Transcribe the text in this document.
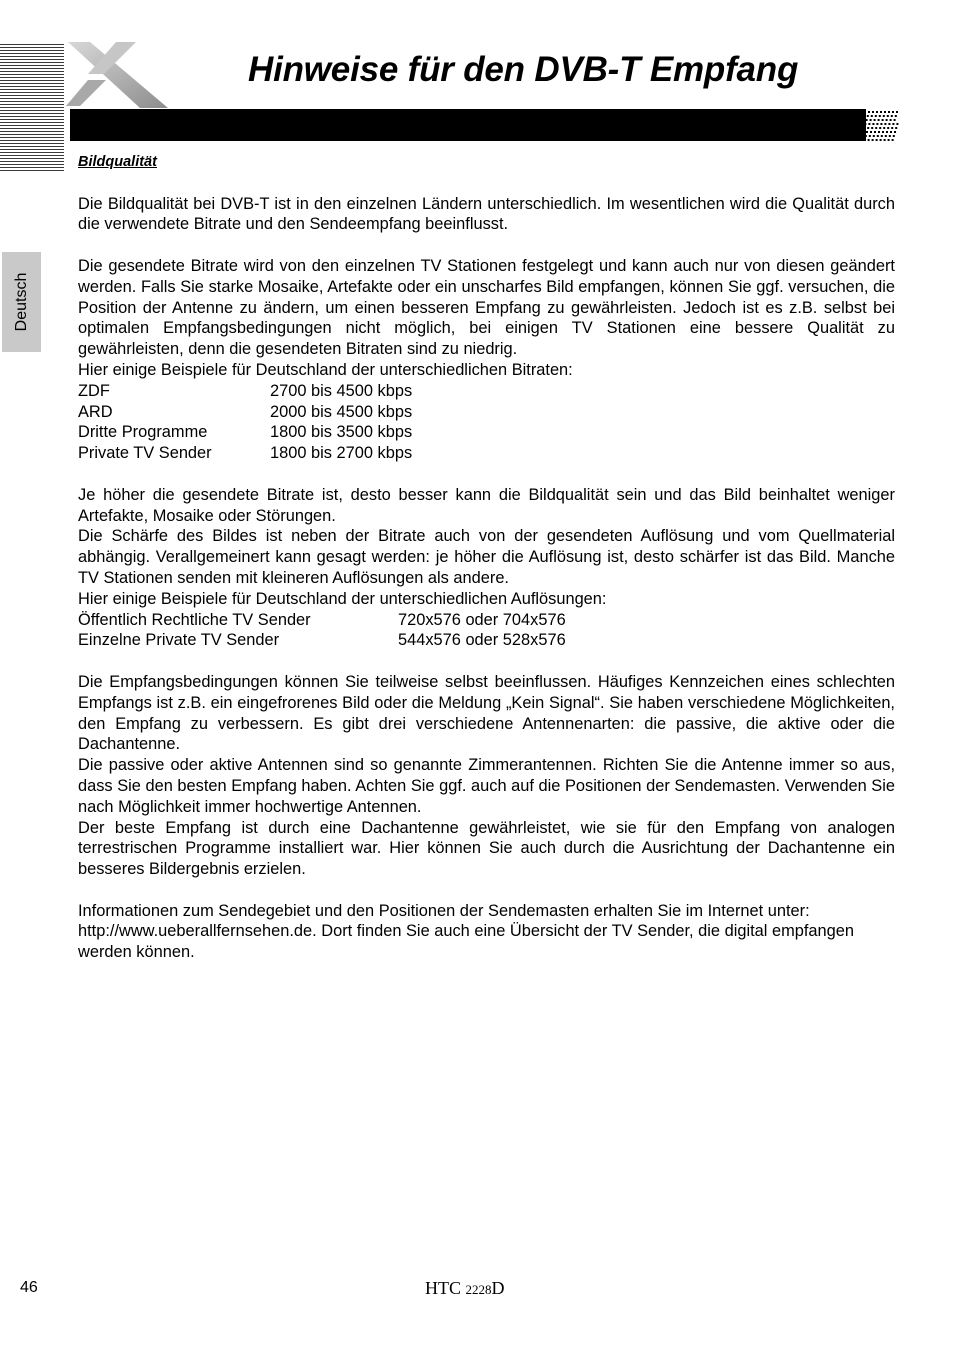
Hinweise für den DVB-T Empfang
Deutsch
Bildqualität

Die Bildqualität bei DVB-T ist in den einzelnen Ländern unterschiedlich. Im wesentlichen wird die Qualität durch die verwendete Bitrate und den Sendeempfang beeinflusst.

Die gesendete Bitrate wird von den einzelnen TV Stationen festgelegt und kann auch nur von diesen geändert werden. Falls Sie starke Mosaike, Artefakte oder ein unscharfes Bild empfangen, können Sie ggf. versuchen, die Position der Antenne zu ändern, um einen besseren Empfang zu gewährleisten. Jedoch ist es z.B. selbst bei optimalen Empfangsbedingungen nicht möglich, bei einigen TV Stationen eine bessere Qualität zu gewährleisten, denn die gesendeten Bitraten sind zu niedrig.

Hier einige Beispiele für Deutschland der unterschiedlichen Bitraten:

ZDF	2700 bis 4500 kbps
ARD	2000 bis 4500 kbps
Dritte Programme	1800 bis 3500 kbps
Private TV Sender	1800 bis 2700 kbps

Je höher die gesendete Bitrate ist, desto besser kann die Bildqualität sein und das Bild beinhaltet weniger Artefakte, Mosaike oder Störungen.

Die Schärfe des Bildes ist neben der Bitrate auch von der gesendeten Auflösung und vom Quellmaterial abhängig. Verallgemeinert kann gesagt werden: je höher die Auflösung ist, desto schärfer ist das Bild. Manche TV Stationen senden mit kleineren Auflösungen als andere.

Hier einige Beispiele für Deutschland der unterschiedlichen Auflösungen:

Öffentlich Rechtliche TV Sender	720x576 oder 704x576
Einzelne Private TV Sender	544x576 oder 528x576

Die Empfangsbedingungen können Sie teilweise selbst beeinflussen. Häufiges Kennzeichen eines schlechten Empfangs ist z.B. ein eingefrorenes Bild oder die Meldung „Kein Signal“. Sie haben verschiedene Möglichkeiten, den Empfang zu verbessern. Es gibt drei verschiedene Antennenarten: die passive, die aktive oder die Dachantenne.

Die passive oder aktive Antennen sind so genannte Zimmerantennen. Richten Sie die Antenne immer so aus, dass Sie den besten Empfang haben. Achten Sie ggf. auch auf die Positionen der Sendemasten. Verwenden Sie nach Möglichkeit immer hochwertige Antennen.

Der beste Empfang ist durch eine Dachantenne gewährleistet, wie sie für den Empfang von analogen terrestrischen Programme installiert war. Hier können Sie auch durch die Ausrichtung der Dachantenne ein besseres Bildergebnis erzielen.

Informationen zum Sendegebiet und den Positionen der Sendemasten erhalten Sie im Internet unter: http://www.ueberallfernsehen.de. Dort finden Sie auch eine Übersicht der TV Sender, die digital empfangen werden können.

46	HTC 2228D
